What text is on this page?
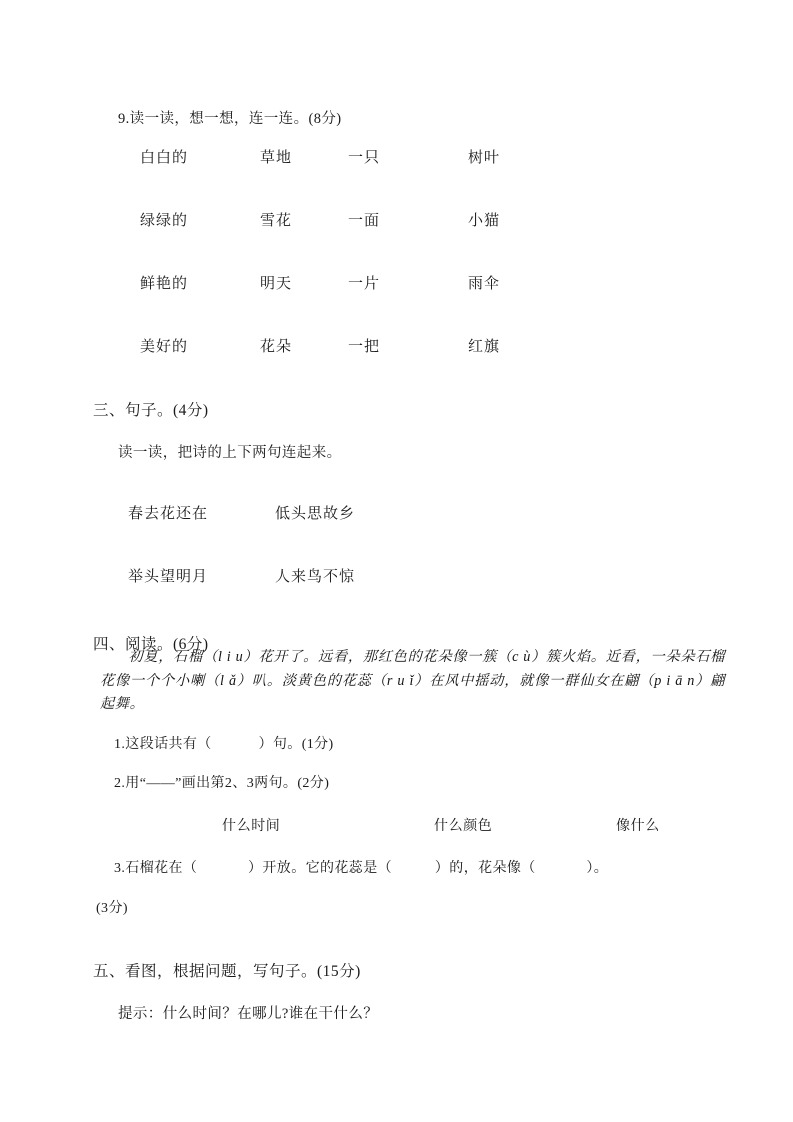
9.读一读，想一想，连一连。(8分)
白白的	草地	一只	树叶
绿绿的	雪花	一面	小猫
鲜艳的	明天	一片	雨伞
美好的	花朵	一把	红旗
三、句子。(4分)
读一读，把诗的上下两句连起来。
春去花还在	低头思故乡
举头望明月	人来鸟不惊
四、阅读。(6分)
初夏，石榴（l i u）花开了。远看，那红色的花朵像一簇（c ù）簇火焰。近看，一朵朵石榴花像一个个小喇（l ǎ）叭。淡黄色的花蕊（r u ǐ）在风中摇动，就像一群仙女在翩（p i ā n）翩起舞。
1.这段话共有（            ）句。(1分)
2.用“——”画出第2、3两句。(2分)
什么时间	什么颜色	像什么
3.石榴花在（             ）开放。它的花蕊是（           ）的，花朵像（             ）。
(3分)
五、看图，根据问题，写句子。(15分)
提示：什么时间？在哪儿?谁在干什么？
